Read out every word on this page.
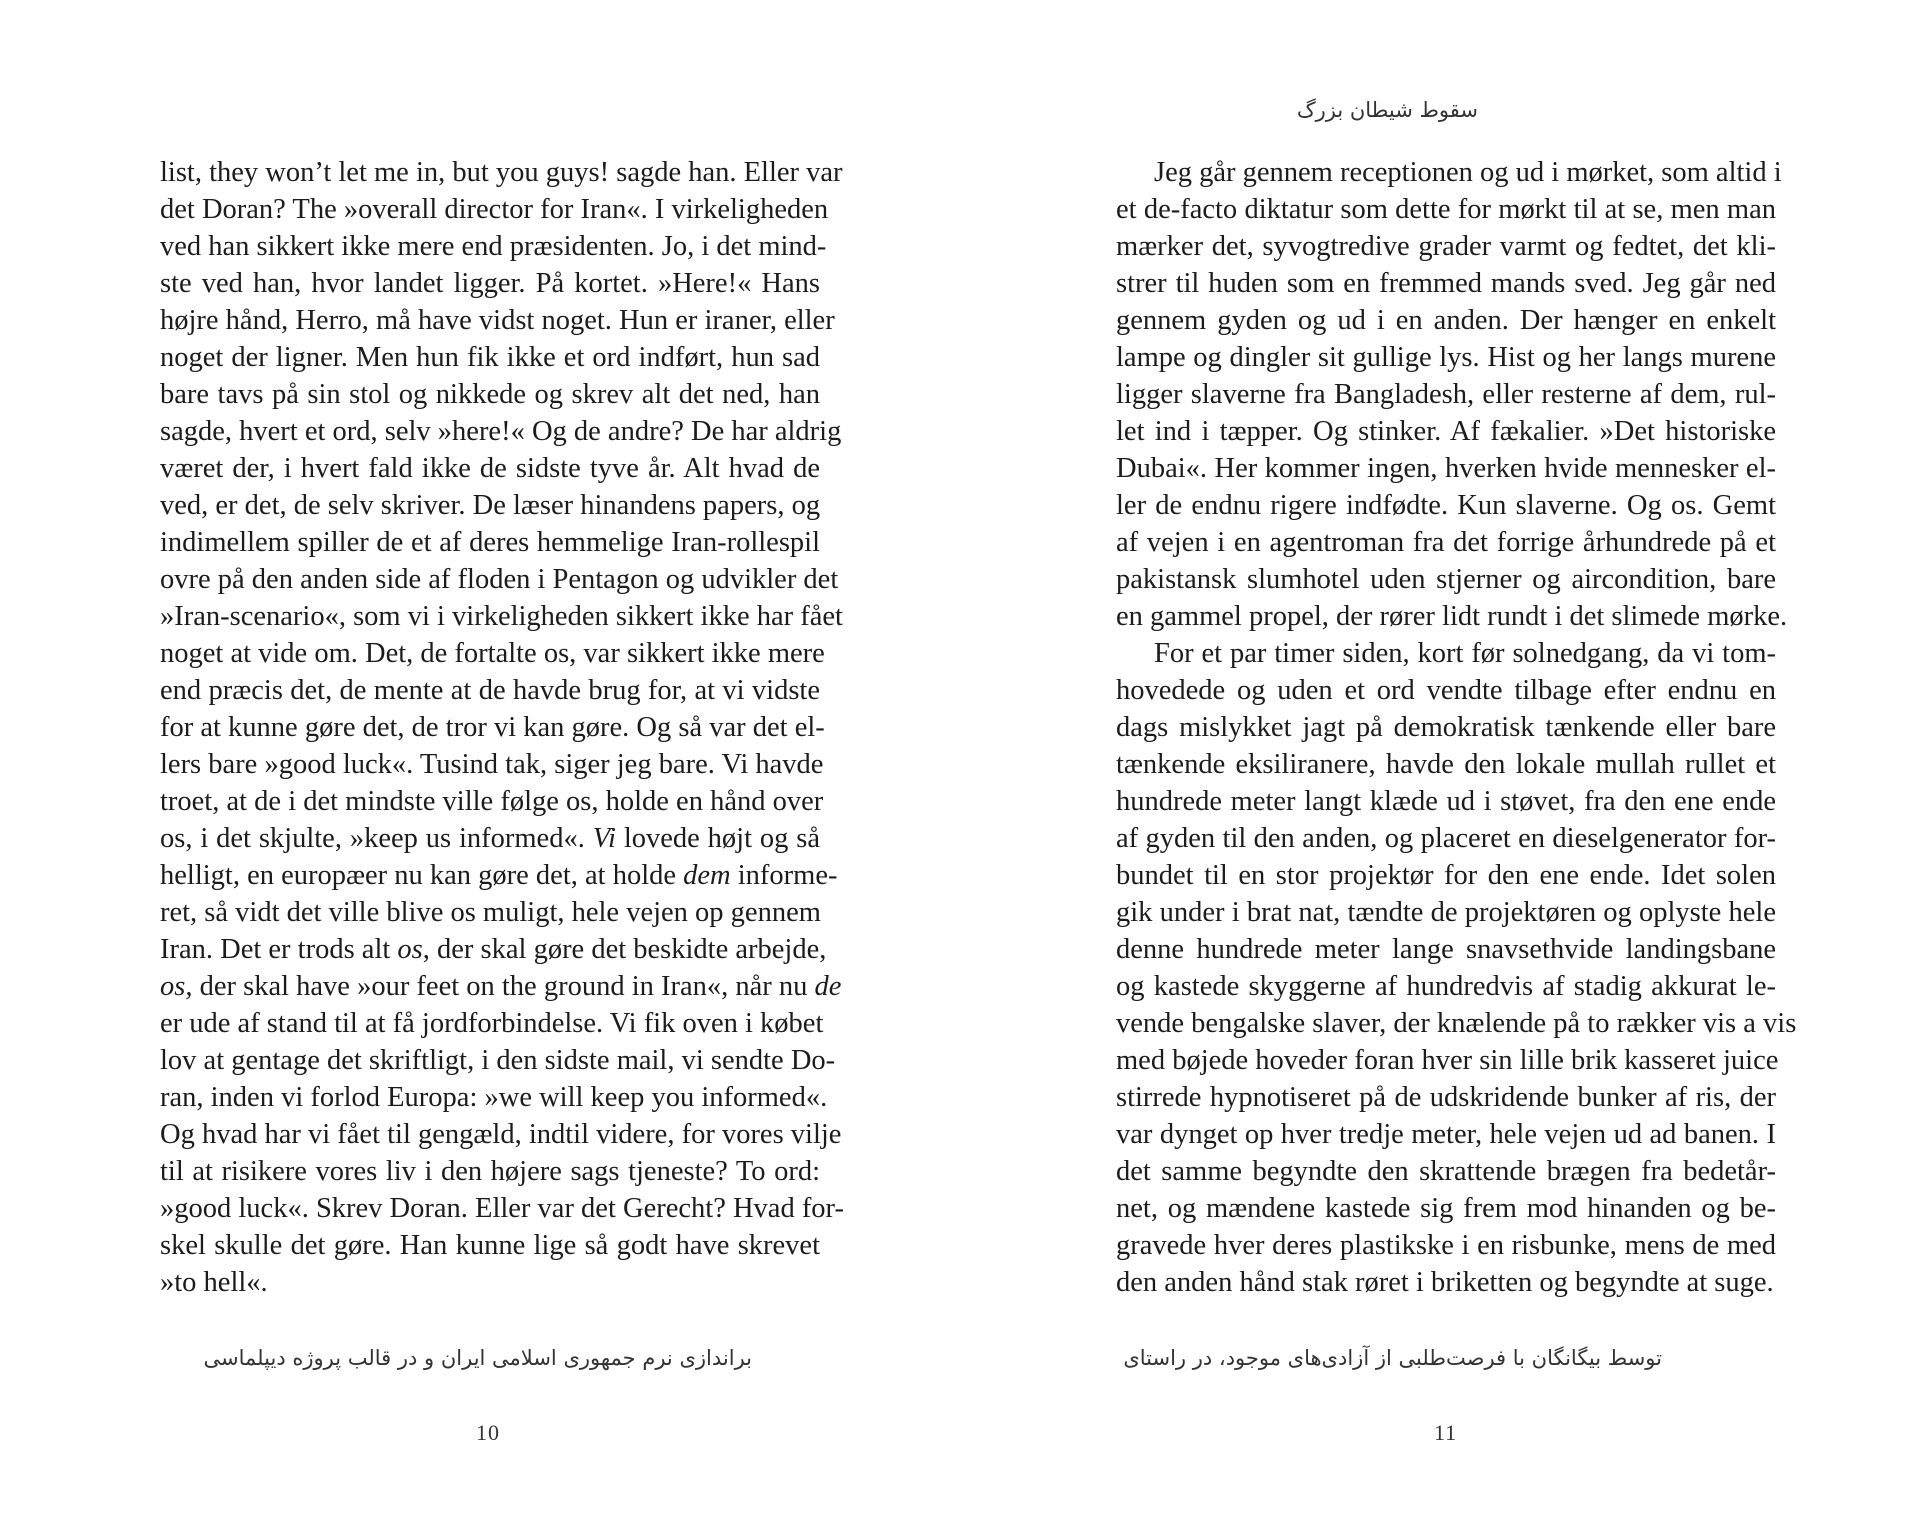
list, they won’t let me in, but you guys! sagde han. Eller var
det Doran? The »overall director for Iran«. I virkeligheden
ved han sikkert ikke mere end præsidenten. Jo, i det mind-
ste ved han, hvor landet ligger. På kortet. »Here!« Hans
højre hånd, Herro, må have vidst noget. Hun er iraner, eller
noget der ligner. Men hun fik ikke et ord indført, hun sad
bare tavs på sin stol og nikkede og skrev alt det ned, han
sagde, hvert et ord, selv »here!« Og de andre? De har aldrig
været der, i hvert fald ikke de sidste tyve år. Alt hvad de
ved, er det, de selv skriver. De læser hinandens papers, og
indimellem spiller de et af deres hemmelige Iran-rollespil
ovre på den anden side af floden i Pentagon og udvikler det
»Iran-scenario«, som vi i virkeligheden sikkert ikke har fået
noget at vide om. Det, de fortalte os, var sikkert ikke mere
end præcis det, de mente at de havde brug for, at vi vidste
for at kunne gøre det, de tror vi kan gøre. Og så var det el-
lers bare »good luck«. Tusind tak, siger jeg bare. Vi havde
troet, at de i det mindste ville følge os, holde en hånd over
os, i det skjulte, »keep us informed«. Vi lovede højt og så
helligt, en europæer nu kan gøre det, at holde dem informe-
ret, så vidt det ville blive os muligt, hele vejen op gennem
Iran. Det er trods alt os, der skal gøre det beskidte arbejde,
os, der skal have »our feet on the ground in Iran«, når nu de
er ude af stand til at få jordforbindelse. Vi fik oven i købet
lov at gentage det skriftligt, i den sidste mail, vi sendte Do-
ran, inden vi forlod Europa: »we will keep you informed«.
Og hvad har vi fået til gengæld, indtil videre, for vores vilje
til at risikere vores liv i den højere sags tjeneste? To ord:
»good luck«. Skrev Doran. Eller var det Gerecht? Hvad for-
skel skulle det gøre. Han kunne lige så godt have skrevet
»to hell«.
براندازی نرم جمهوری اسلامی ایران و در قالب پروژه دیپلماسی
10
سقوط شیطان بزرگ
Jeg går gennem receptionen og ud i mørket, som altid i
et de-facto diktatur som dette for mørkt til at se, men man
mærker det, syvogtredive grader varmt og fedtet, det kli-
strer til huden som en fremmed mands sved. Jeg går ned
gennem gyden og ud i en anden. Der hænger en enkelt
lampe og dingler sit gullige lys. Hist og her langs murene
ligger slaverne fra Bangladesh, eller resterne af dem, rul-
let ind i tæpper. Og stinker. Af fækalier. »Det historiske
Dubai«. Her kommer ingen, hverken hvide mennesker el-
ler de endnu rigere indfødte. Kun slaverne. Og os. Gemt
af vejen i en agentroman fra det forrige århundrede på et
pakistansk slumhotel uden stjerner og aircondition, bare
en gammel propel, der rører lidt rundt i det slimede mørke.
For et par timer siden, kort før solnedgang, da vi tom-
hovedede og uden et ord vendte tilbage efter endnu en
dags mislykket jagt på demokratisk tænkende eller bare
tænkende eksiliranere, havde den lokale mullah rullet et
hundrede meter langt klæde ud i støvet, fra den ene ende
af gyden til den anden, og placeret en dieselgenerator for-
bundet til en stor projektør for den ene ende. Idet solen
gik under i brat nat, tændte de projektøren og oplyste hele
denne hundrede meter lange snavsethvide landingsbane
og kastede skyggerne af hundredvis af stadig akkurat le-
vende bengalske slaver, der knælende på to rækker vis a vis
med bøjede hoveder foran hver sin lille brik kasseret juice
stirrede hypnotiseret på de udskridende bunker af ris, der
var dynget op hver tredje meter, hele vejen ud ad banen. I
det samme begyndte den skrattende brægen fra bedetår-
net, og mændene kastede sig frem mod hinanden og be-
gravede hver deres plastikske i en risbunke, mens de med
den anden hånd stak røret i briketten og begyndte at suge.
توسط بیگانگان با فرصت‌طلبی از آزادی‌های موجود، در راستای
11
